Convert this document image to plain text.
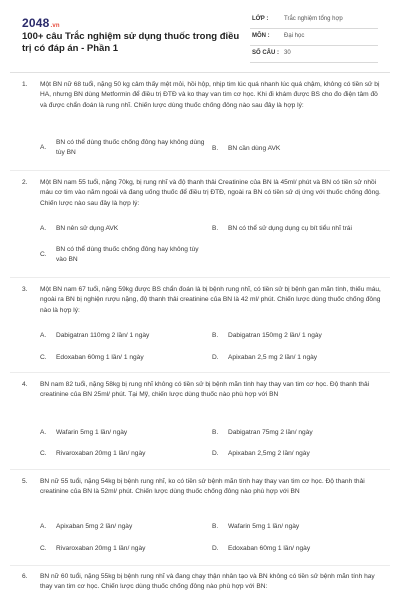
2048.vn
100+ câu Trắc nghiệm sử dụng thuốc trong điều trị có đáp án - Phần 1
LỚP :	Trắc nghiệm tổng hợp
MÔN : Đại học
SỐ CÂU : 30
1. Một BN nữ 68 tuổi, nặng 50 kg cảm thấy mệt mỏi, hồi hộp, nhịp tim lúc quá nhanh lúc quá chậm, không có tiền sử bị HA, nhưng BN dùng Metformin để điều trị ĐTĐ và ko thay van tim cơ học. Khi đi khám được BS cho đo điện tâm đồ và được chẩn đoán là rung nhĩ. Chiến lược dùng thuốc chống đông nào sau đây là hợp lý:
A.
BN có thể dùng thuốc chống đông hay không dùng tùy BN
B. BN cần dùng AVK
2. Một BN nam 55 tuổi, nặng 70kg, bị rung nhĩ và độ thanh thải Creatinine của BN là 45ml/ phút và BN có tiền sử nhồi máu cơ tim vào năm ngoái và đang uống thuốc để điều trị ĐTĐ, ngoài ra BN có tiền sử dị ứng với thuốc chống đông. Chiến lược nào sau đây là hợp lý:
A. BN nên sử dụng AVK	B. BN có thể sử dụng dụng cụ bít tiểu nhĩ trái
C.
BN có thể dùng thuốc chống đông hay không tùy vào BN
3. Một BN nam 67 tuổi, nặng 59kg được BS chẩn đoán là bị bệnh rung nhĩ, có tiền sử bị bệnh gan mãn tính, thiếu máu, ngoài ra BN bị nghiện rượu nặng, độ thanh thải creatinine của BN là 42 ml/ phút. Chiến lược dùng thuốc chống đông nào là hợp lý:
A. Dabigatran 110mg 2 lần/ 1 ngày	B. Dabigatran 150mg 2 lần/ 1 ngày
C. Edoxaban 60mg 1 lần/ 1 ngày	D. Apixaban 2,5 mg 2 lần/ 1 ngày
4. BN nam 82 tuổi, nặng 58kg bị rung nhĩ không có tiền sử bị bệnh mãn tính hay thay van tim cơ học. Độ thanh thải creatinine của BN 25ml/ phút. Tại Mỹ, chiến lược dùng thuốc nào phù hợp với BN
A. Wafarin 5mg 1 lần/ ngày	B. Dabigatran 75mg 2 lần/ ngày
C. Rivaroxaban 20mg 1 lần/ ngày	D. Apixaban 2,5mg 2 lần/ ngày
5. BN nữ 55 tuổi, nặng 54kg bị bệnh rung nhĩ, ko có tiền sử bệnh mãn tính hay thay van tim cơ học. Độ thanh thải creatinine của BN là 52ml/ phút. Chiến lược dùng thuốc chống đông nào phù hợp với BN
A. Apixaban 5mg 2 lần/ ngày	B. Wafarin 5mg 1 lần/ ngày
C. Rivaroxaban 20mg 1 lần/ ngày	D. Edoxaban 60mg 1 lần/ ngày
6. BN nữ 60 tuổi, nặng 55kg bị bệnh rung nhĩ và đang chạy thận nhân tạo và BN không có tiền sử bệnh mãn tính hay thay van tim cơ học. Chiến lược dùng thuốc chống đông nào phù hợp với BN:
